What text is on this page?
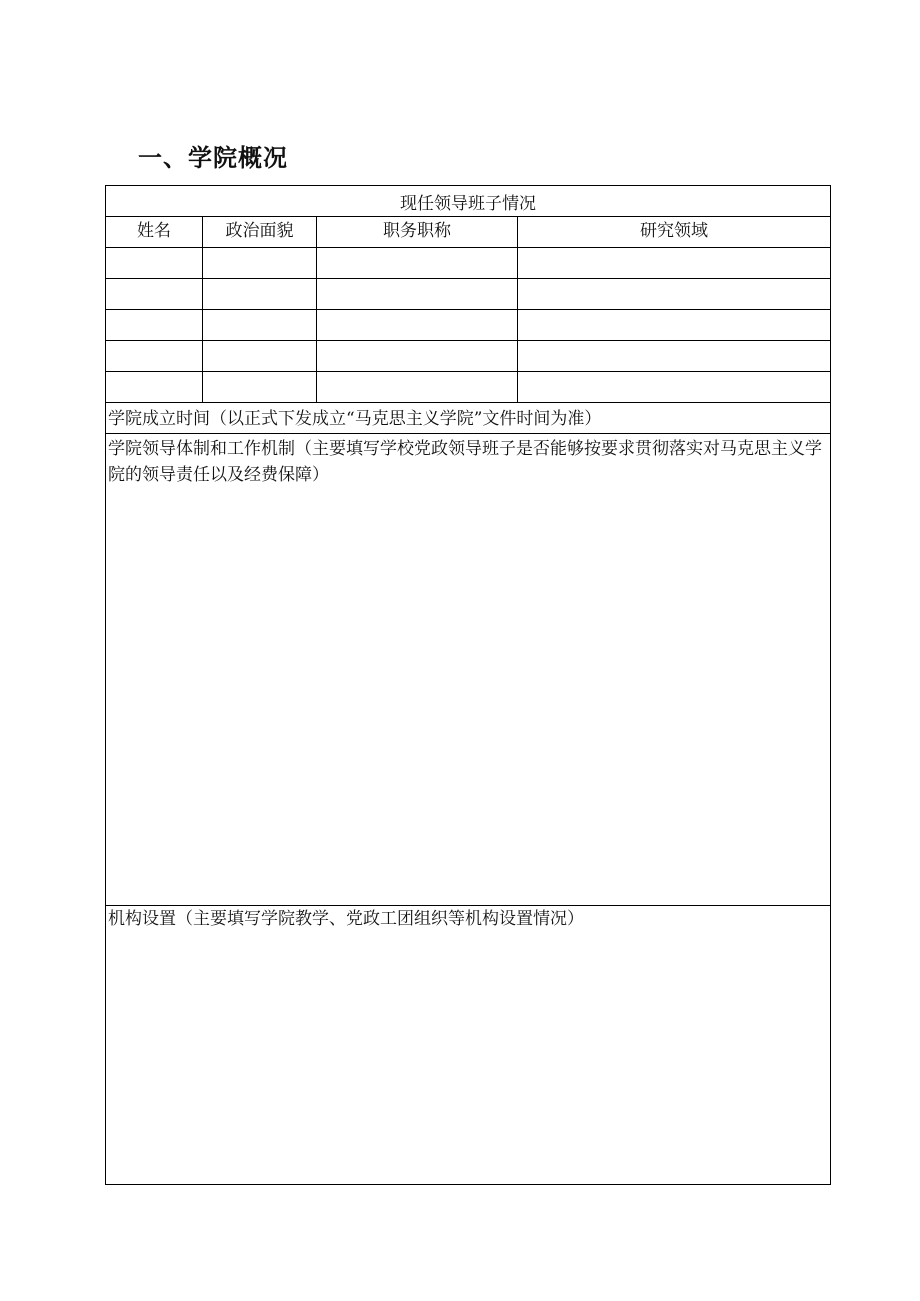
一、学院概况
现任领导班子情况			

姓名	政治面貌	职务职称	研究领域

学院成立时间（以正式下发成立“马克思主义学院”文件时间为准）			

学院领导体制和工作机制（主要填写学校党政领导班子是否能够按要求贯彻落实对马克思主义学院的领导责任以及经费保障）			

机构设置（主要填写学院教学、党政工团组织等机构设置情况）			
